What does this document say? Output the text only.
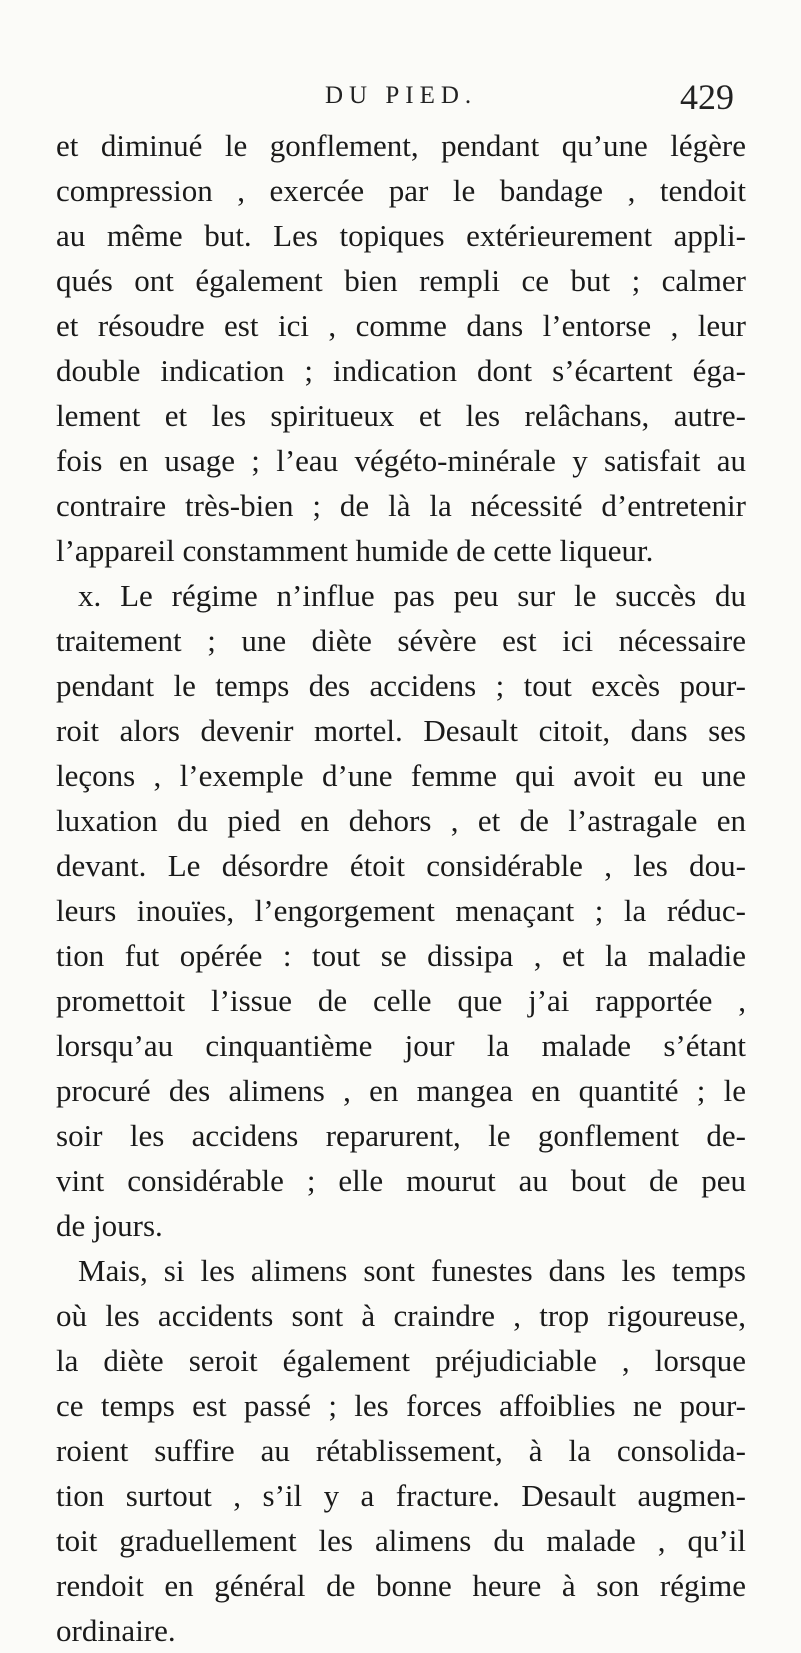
DU PIED.	429
et diminué le gonflement, pendant qu’une légère
compression , exercée par le bandage , tendoit
au même but. Les topiques extérieurement appli-
qués ont également bien rempli ce but ; calmer
et résoudre est ici , comme dans l’entorse , leur
double indication ; indication dont s’écartent éga-
lement et les spiritueux et les relâchans, autre-
fois en usage ; l’eau végéto-minérale y satisfait au
contraire très-bien ; de là la nécessité d’entretenir
l’appareil constamment humide de cette liqueur.
x. Le régime n’influe pas peu sur le succès du
traitement ; une diète sévère est ici nécessaire
pendant le temps des accidens ; tout excès pour-
roit alors devenir mortel. Desault citoit, dans ses
leçons , l’exemple d’une femme qui avoit eu une
luxation du pied en dehors , et de l’astragale en
devant. Le désordre étoit considérable , les dou-
leurs inouïes, l’engorgement menaçant ; la réduc-
tion fut opérée : tout se dissipa , et la maladie
promettoit l’issue de celle que j’ai rapportée ,
lorsqu’au cinquantième jour la malade s’étant
procuré des alimens , en mangea en quantité ; le
soir les accidens reparurent, le gonflement de-
vint considérable ; elle mourut au bout de peu
de jours.
Mais, si les alimens sont funestes dans les temps
où les accidents sont à craindre , trop rigoureuse,
la diète seroit également préjudiciable , lorsque
ce temps est passé ; les forces affoiblies ne pour-
roient suffire au rétablissement, à la consolida-
tion surtout , s’il y a fracture. Desault augmen-
toit graduellement les alimens du malade , qu’il
rendoit en général de bonne heure à son régime
ordinaire.
